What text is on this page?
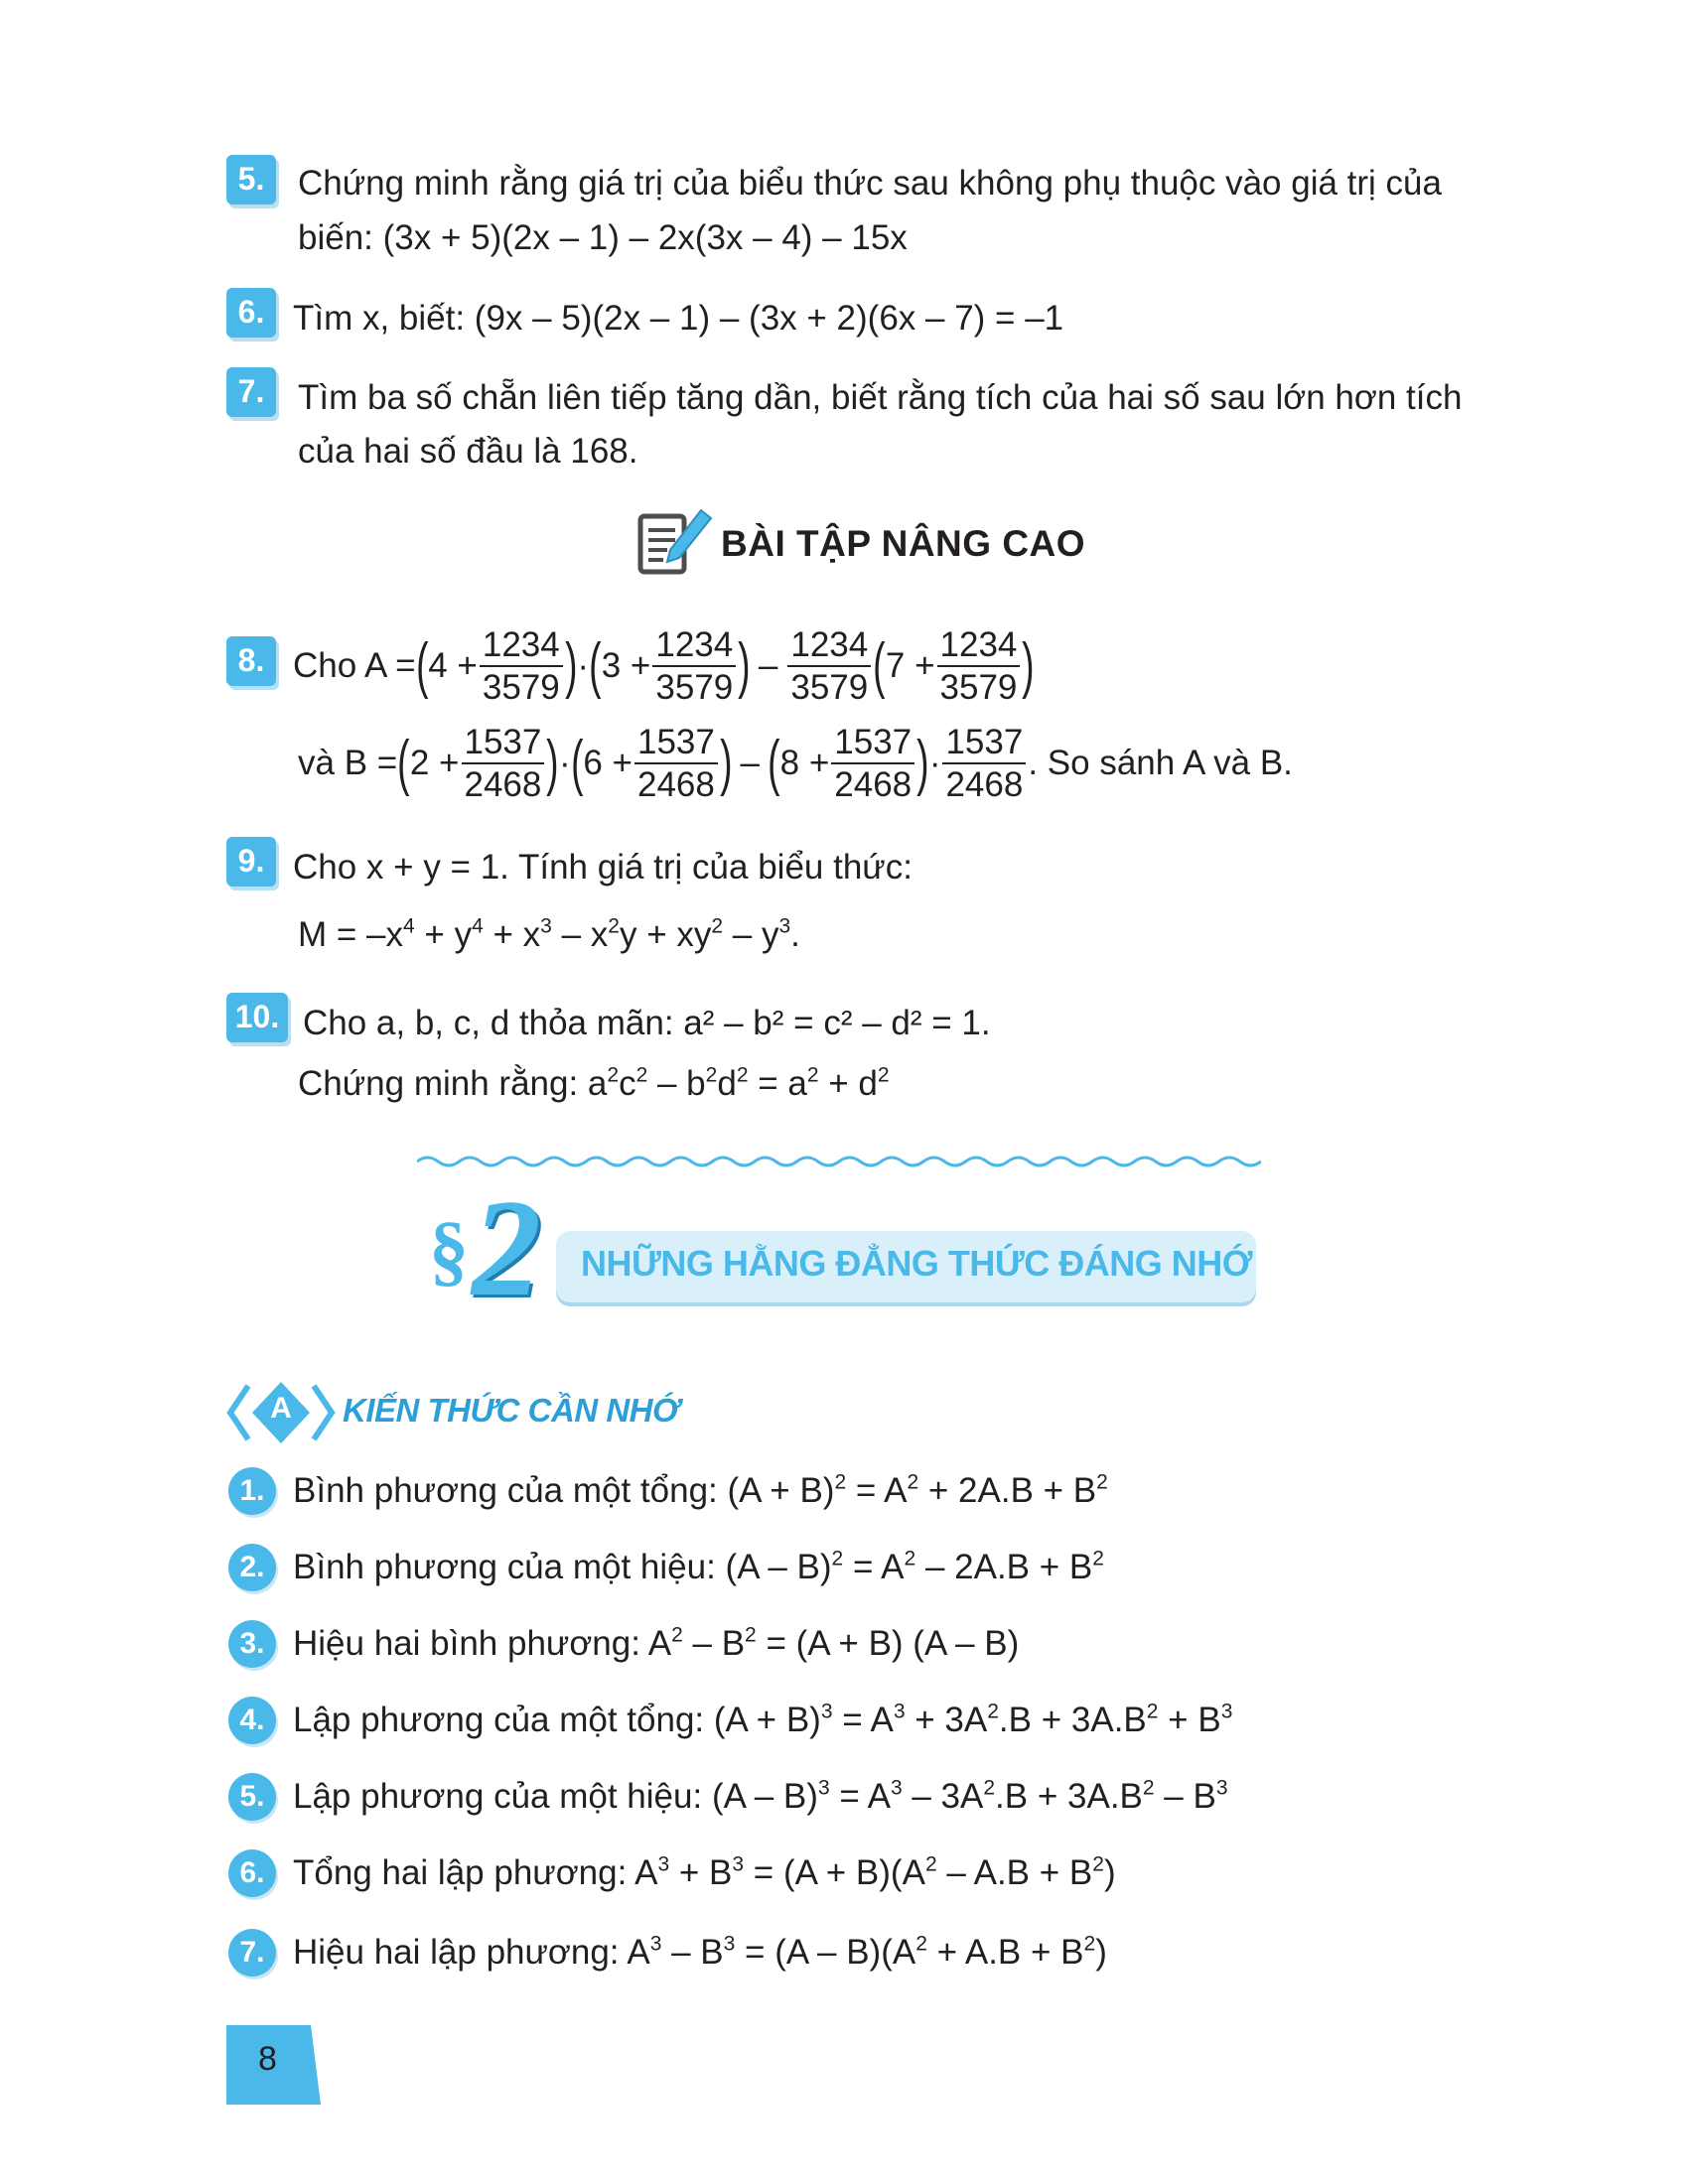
5. Chứng minh rằng giá trị của biểu thức sau không phụ thuộc vào giá trị của
biến: (3x + 5)(2x – 1) – 2x(3x – 4) – 15x
6. Tìm x, biết: (9x – 5)(2x – 1) – (3x + 2)(6x – 7) = –1
7. Tìm ba số chẵn liên tiếp tăng dần, biết rằng tích của hai số sau lớn hơn tích
của hai số đầu là 168.
BÀI TẬP NÂNG CAO
8. Cho A = ( $4 + \frac{1234}{3579}$ ) · ( $3 + \frac{1234}{3579}$ ) – $\frac{1234}{3579}$ ( $7 + \frac{1234}{3579}$ )
và B = ( $2 + \frac{1537}{2468}$ ) · ( $6 + \frac{1537}{2468}$ ) – ( $8 + \frac{1537}{2468}$ ) · $\frac{1537}{2468}$ . So sánh A và B.
9. Cho x + y = 1. Tính giá trị của biểu thức:
$M = -x^4 + y^4 + x^3 - x^2y + xy^2 - y^3$.
10. Cho a, b, c, d thỏa mãn: a² – b² = c² – d² = 1.
Chứng minh rằng: $a^2c^2 - b^2d^2 = a^2 + d^2$
§ 2 NHỮNG HẰNG ĐẲNG THỨC ĐÁNG NHỚ
A KIẾN THỨC CẦN NHỚ
1. Bình phương của một tổng: $(A + B)^2 = A^2 + 2A.B + B^2$
2. Bình phương của một hiệu: $(A - B)^2 = A^2 - 2A.B + B^2$
3. Hiệu hai bình phương: $A^2 - B^2 = (A + B)$ (A – B)
4. Lập phương của một tổng: $(A + B)^3 = A^3 + 3A^2.B + 3A.B^2 + B^3$
5. Lập phương của một hiệu: $(A - B)^3 = A^3 - 3A^2.B + 3A.B^2 - B^3$
6. Tổng hai lập phương: $A^3 + B^3 = (A + B)(A^2 - A.B + B^2)$
7. Hiệu hai lập phương: $A^3 - B^3 = (A - B)(A^2 + A.B + B^2)$
8
